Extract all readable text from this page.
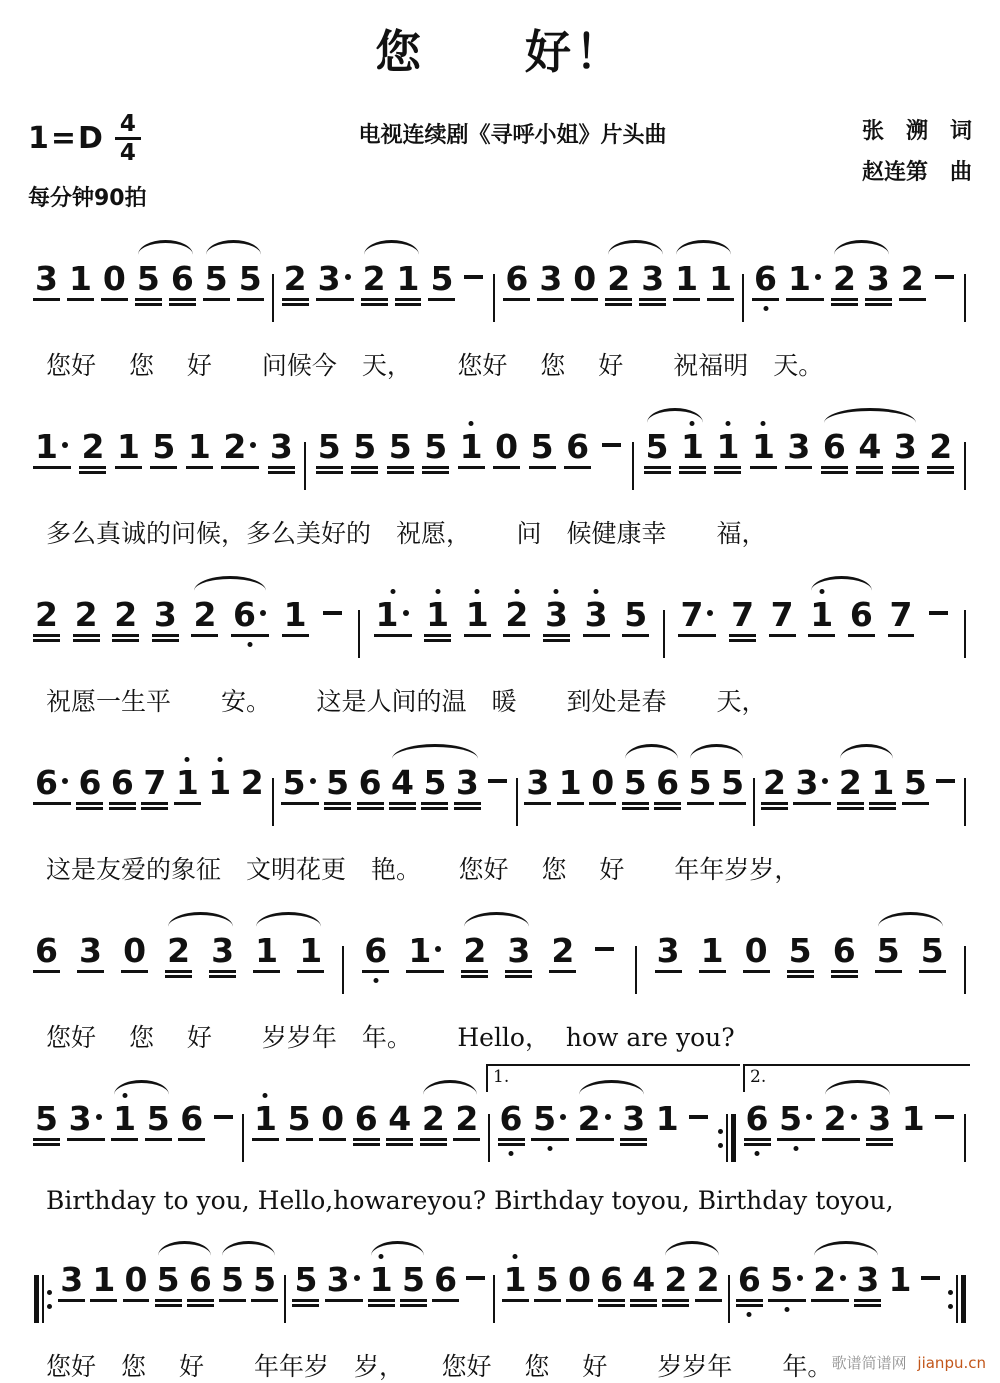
您　　好！
$1=D \frac{4}{4}$
每分钟90拍
电视连续剧《寻呼小姐》片头曲	张　溯　词
赵连第　曲
3 1 0 5 6 5 5 2 3 2 1 5 6 3 0 2 3 1 1 6 1 2 3 2
您好　 您　 好　　问候今　天，　　 您好　 您　 好　　祝福明　天。
1 2 1 5 1 2 3 5 5 5 5 1 0 5 6 5 1 1 1 3 6 4 3 2
多么真诚的问候，多么美好的　祝愿，　　 问　候健康幸　　福，
2 2 2 3 2 6 1 1 1 1 2 3 3 5 7 7 7 1 6 7
祝愿一生平　　安。　　 这是人间的温　暖　　到处是春　　天，
6 6 6 7 1 1 2 5 5 6 4 5 3 3 1 0 5 6 5 5 2 3 2 1 5
这是友爱的象征　文明花更　艳。　　您好　 您　 好　　年年岁岁，
6 3 0 2 3 1 1 6 1 2 3 2 3 1 0 5 6 5 5
您好　 您　 好　　岁岁年　年。　　 Hello，  how are you?
5 3 1 5 6 1 5 0 6 4 2 2 6 5 2 3 1 6 5 2 3 1
1.	2.
Birthday to you, Hello,howareyou? Birthday toyou, Birthday toyou,
3 1 0 5 6 5 5 5 3 1 5 6 1 5 0 6 4 2 2 6 5 2 3 1
您好　您　 好　　年年岁　岁，　　您好　 您　 好　　岁岁年　　年。 歌谱简谱网 jianpu.cn
